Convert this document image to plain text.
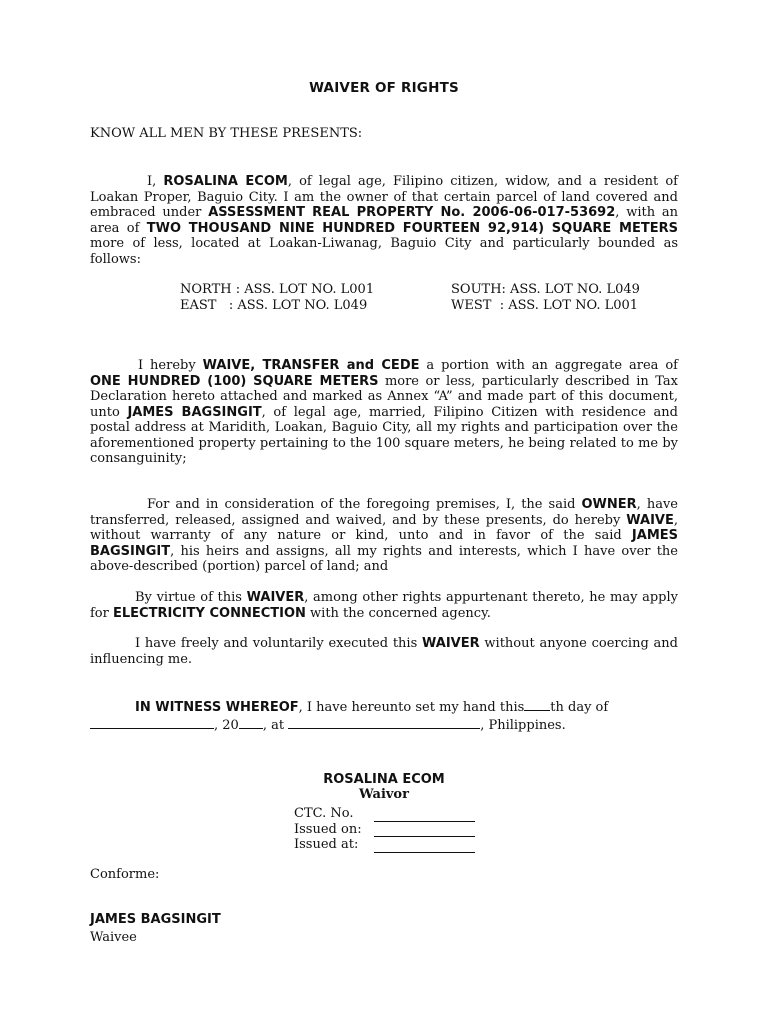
WAIVER OF RIGHTS
KNOW ALL MEN BY THESE PRESENTS:
I, ROSALINA ECOM, of legal age, Filipino citizen, widow, and a resident of Loakan Proper, Baguio City. I am the owner of that certain parcel of land covered and embraced under ASSESSMENT REAL PROPERTY No. 2006-06-017-53692, with an area of TWO THOUSAND NINE HUNDRED FOURTEEN 92,914) SQUARE METERS more of less, located at Loakan-Liwanag, Baguio City and particularly bounded as follows:
NORTH : ASS. LOT NO. L001	SOUTH: ASS. LOT NO. L049
EAST   : ASS. LOT NO. L049	WEST  : ASS. LOT NO. L001
I hereby WAIVE, TRANSFER and CEDE a portion with an aggregate area of ONE HUNDRED (100) SQUARE METERS more or less, particularly described in Tax Declaration hereto attached and marked as Annex “A” and made part of this document, unto JAMES BAGSINGIT, of legal age, married, Filipino Citizen with residence and postal address at Maridith, Loakan, Baguio City, all my rights and participation over the aforementioned property pertaining to the 100 square meters, he being related to me by consanguinity;
For and in consideration of the foregoing premises, I, the said OWNER, have transferred, released, assigned and waived, and by these presents, do hereby WAIVE, without warranty of any nature or kind, unto and in favor of the said JAMES BAGSINGIT, his heirs and assigns, all my rights and interests, which I have over the above-described (portion) parcel of land; and
By virtue of this WAIVER, among other rights appurtenant thereto, he may apply for ELECTRICITY CONNECTION with the concerned agency.
I have freely and voluntarily executed this WAIVER without anyone coercing and influencing me.
IN WITNESS WHEREOF, I have hereunto set my hand this th day of
, 20 , at	, Philippines.
ROSALINA ECOM
Waivor
CTC. No.
Issued on:
Issued at:
Conforme:
JAMES BAGSINGIT
Waivee
